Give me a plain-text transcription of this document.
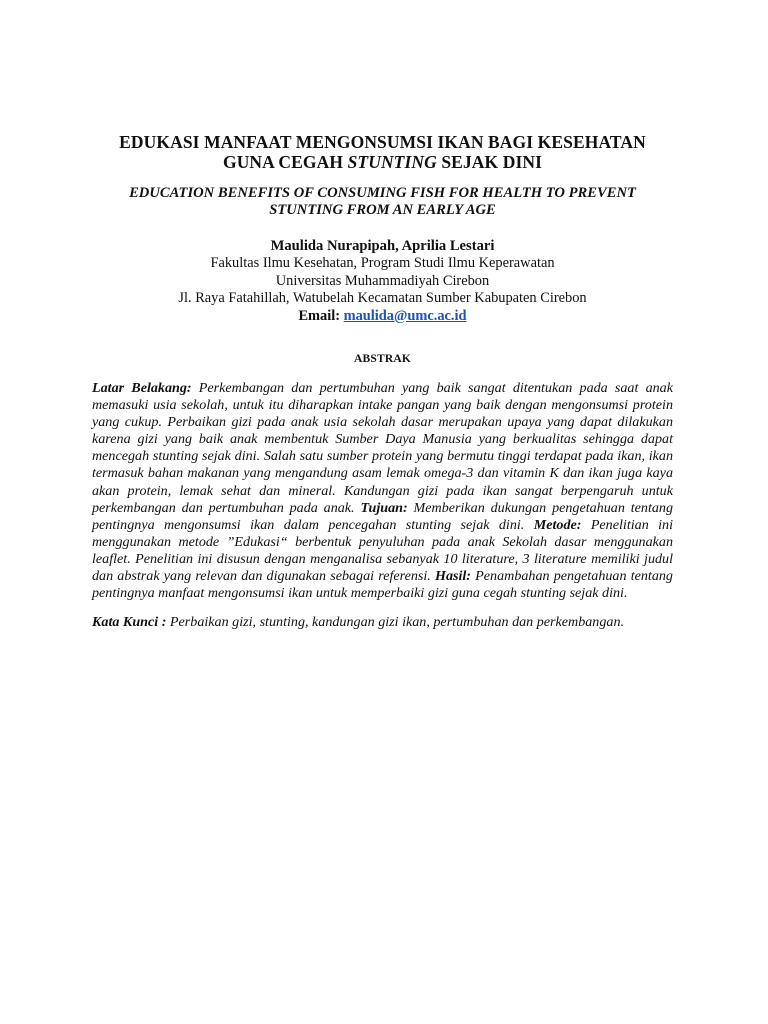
EDUKASI MANFAAT MENGONSUMSI IKAN BAGI KESEHATAN
GUNA CEGAH STUNTING SEJAK DINI
EDUCATION BENEFITS OF CONSUMING FISH FOR HEALTH TO PREVENT
STUNTING FROM AN EARLY AGE
Maulida Nurapipah, Aprilia Lestari
Fakultas Ilmu Kesehatan, Program Studi Ilmu Keperawatan
Universitas Muhammadiyah Cirebon
Jl. Raya Fatahillah, Watubelah Kecamatan Sumber Kabupaten Cirebon
Email: maulida@umc.ac.id
ABSTRAK

Latar Belakang: Perkembangan dan pertumbuhan yang baik sangat ditentukan pada saat anak memasuki usia sekolah, untuk itu diharapkan intake pangan yang baik dengan mengonsumsi protein yang cukup. Perbaikan gizi pada anak usia sekolah dasar merupakan upaya yang dapat dilakukan karena gizi yang baik anak membentuk Sumber Daya Manusia yang berkualitas sehingga dapat mencegah stunting sejak dini. Salah satu sumber protein yang bermutu tinggi terdapat pada ikan, ikan termasuk bahan makanan yang mengandung asam lemak omega-3 dan vitamin K dan ikan juga kaya akan protein, lemak sehat dan mineral. Kandungan gizi pada ikan sangat berpengaruh untuk perkembangan dan pertumbuhan pada anak. Tujuan: Memberikan dukungan pengetahuan tentang pentingnya mengonsumsi ikan dalam pencegahan stunting sejak dini. Metode: Penelitian ini menggunakan metode ”Edukasi“ berbentuk penyuluhan pada anak Sekolah dasar menggunakan leaflet. Penelitian ini disusun dengan menganalisa sebanyak 10 literature, 3 literature memiliki judul dan abstrak yang relevan dan digunakan sebagai referensi. Hasil: Penambahan pengetahuan tentang pentingnya manfaat mengonsumsi ikan untuk memperbaiki gizi guna cegah stunting sejak dini.

Kata Kunci : Perbaikan gizi, stunting, kandungan gizi ikan, pertumbuhan dan perkembangan.
